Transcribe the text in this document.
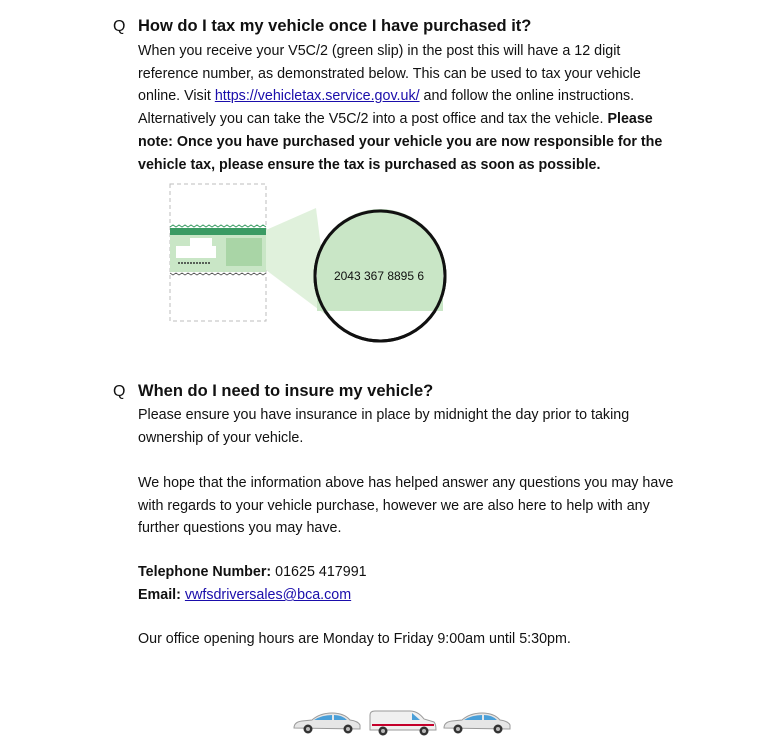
Q How do I tax my vehicle once I have purchased it?
When you receive your V5C/2 (green slip) in the post this will have a 12 digit
reference number, as demonstrated below. This can be used to tax your vehicle
online. Visit https://vehicletax.service.gov.uk/ and follow the online instructions.
Alternatively you can take the V5C/2 into a post office and tax the vehicle. Please
note: Once you have purchased your vehicle you are now responsible for the
vehicle tax, please ensure the tax is purchased as soon as possible.
2043 367 8895 6
Q When do I need to insure my vehicle?
Please ensure you have insurance in place by midnight the day prior to taking
ownership of your vehicle.
We hope that the information above has helped answer any questions you may have
with regards to your vehicle purchase, however we are also here to help with any
further questions you may have.
Telephone Number: 01625 417991
Email: vwfsdriversales@bca.com
Our office opening hours are Monday to Friday 9:00am until 5:30pm.
